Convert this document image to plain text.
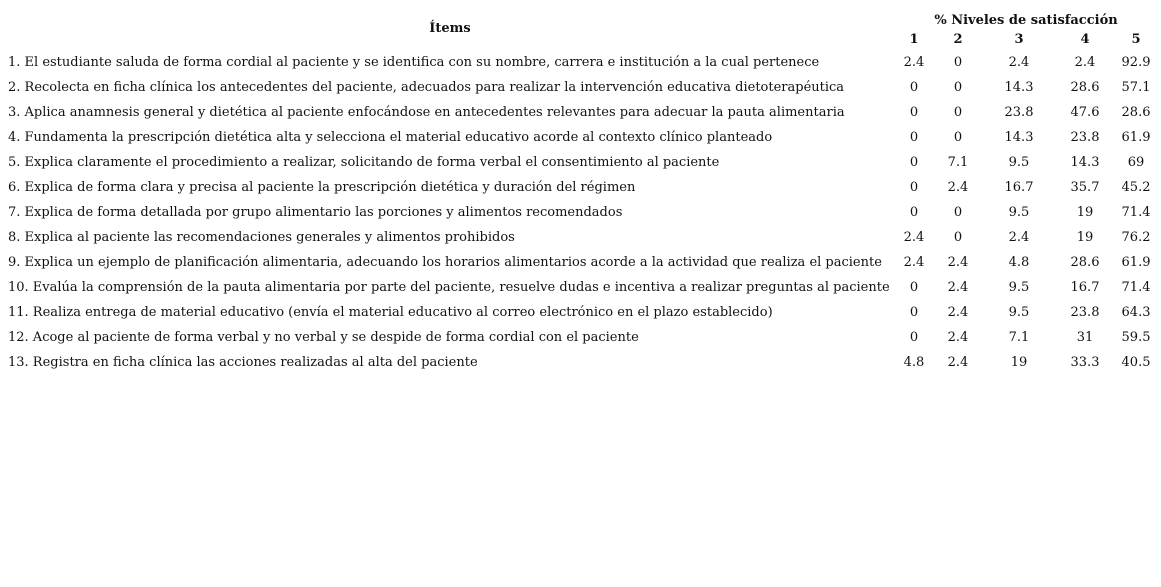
Ítems	% Niveles de satisfacción				
	1	2	3	4	5
1. El estudiante saluda de forma cordial al paciente y se identifica con su nombre, carrera e institución a la cual pertenece	2.4	0	2.4	2.4	92.9
2. Recolecta en ficha clínica los antecedentes del paciente, adecuados para realizar la intervención educativa dietoterapéutica	0	0	14.3	28.6	57.1
3. Aplica anamnesis general y dietética al paciente enfocándose en antecedentes relevantes para adecuar la pauta alimentaria	0	0	23.8	47.6	28.6
4. Fundamenta la prescripción dietética alta y selecciona el material educativo acorde al contexto clínico planteado	0	0	14.3	23.8	61.9
5. Explica claramente el procedimiento a realizar, solicitando de forma verbal el consentimiento al paciente	0	7.1	9.5	14.3	69
6. Explica de forma clara y precisa al paciente la prescripción dietética y duración del régimen	0	2.4	16.7	35.7	45.2
7. Explica de forma detallada por grupo alimentario las porciones y alimentos recomendados	0	0	9.5	19	71.4
8. Explica al paciente las recomendaciones generales y alimentos prohibidos	2.4	0	2.4	19	76.2
9. Explica un ejemplo de planificación alimentaria, adecuando los horarios alimentarios acorde a la actividad que realiza el paciente	2.4	2.4	4.8	28.6	61.9
10. Evalúa la comprensión de la pauta alimentaria por parte del paciente, resuelve dudas e incentiva a realizar preguntas al paciente	0	2.4	9.5	16.7	71.4
11. Realiza entrega de material educativo (envía el material educativo al correo electrónico en el plazo establecido)	0	2.4	9.5	23.8	64.3
12. Acoge al paciente de forma verbal y no verbal y se despide de forma cordial con el paciente	0	2.4	7.1	31	59.5
13. Registra en ficha clínica las acciones realizadas al alta del paciente	4.8	2.4	19	33.3	40.5
